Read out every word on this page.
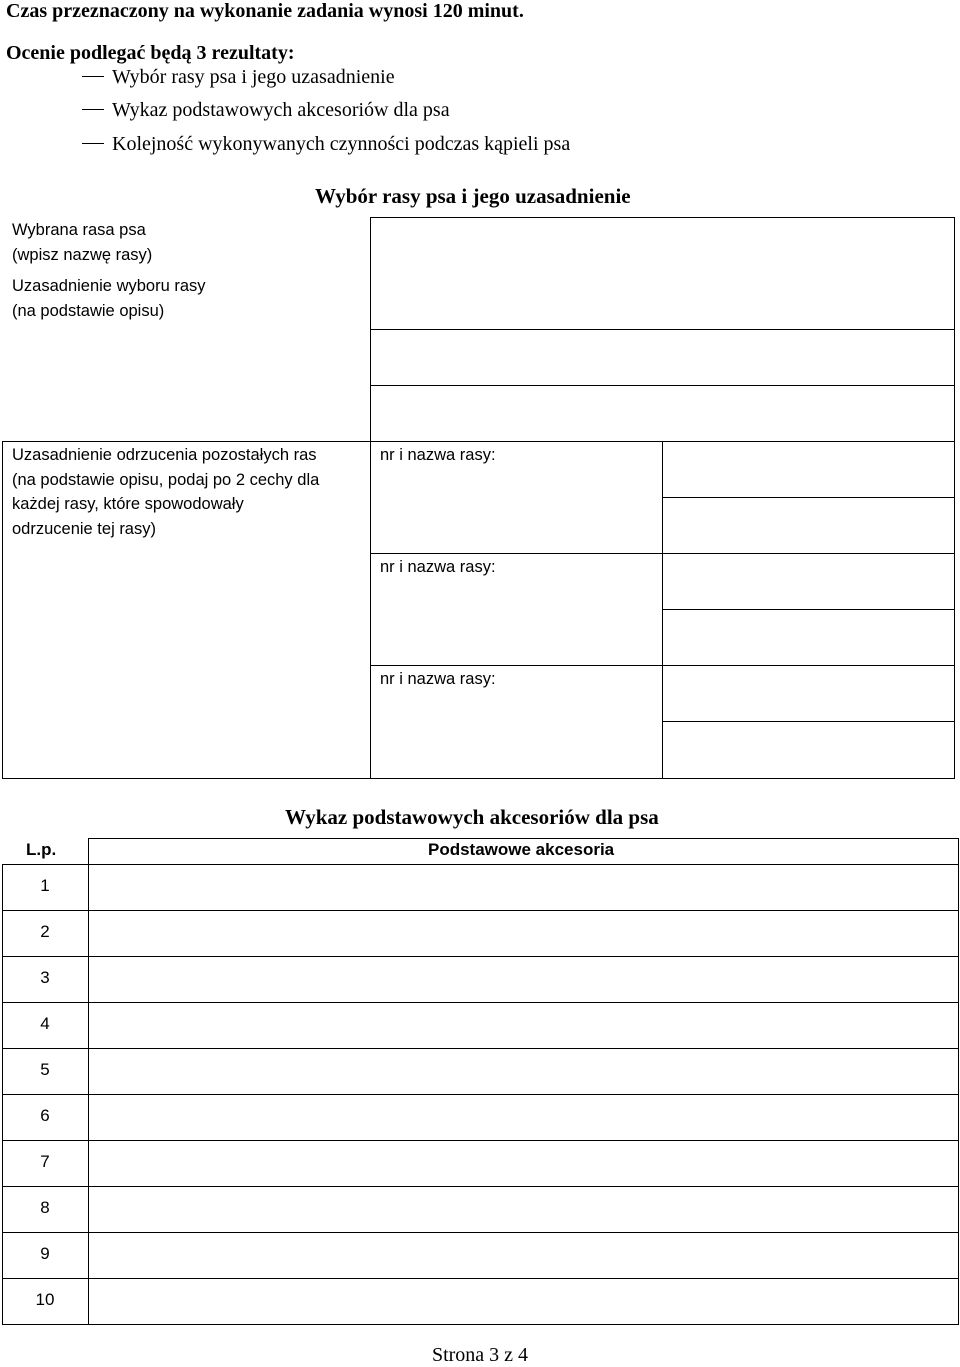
Czas przeznaczony na wykonanie zadania wynosi 120 minut.
Ocenie podlegać będą 3 rezultaty:
Wybór rasy psa i jego uzasadnienie
Wykaz podstawowych akcesoriów dla psa
Kolejność wykonywanych czynności podczas kąpieli psa
Wybór rasy psa i jego uzasadnienie
Wybrana rasa psa
(wpisz nazwę rasy)
Uzasadnienie wyboru rasy
(na podstawie opisu)
Uzasadnienie odrzucenia pozostałych ras
(na podstawie opisu, podaj po 2 cechy dla
każdej rasy, które spowodowały
odrzucenie tej rasy)
nr i nazwa rasy:
nr i nazwa rasy:
nr i nazwa rasy:
Wykaz podstawowych akcesoriów dla psa
L.p.	Podstawowe akcesoria
1
2
3
4
5
6
7
8
9
10
Strona 3 z 4
